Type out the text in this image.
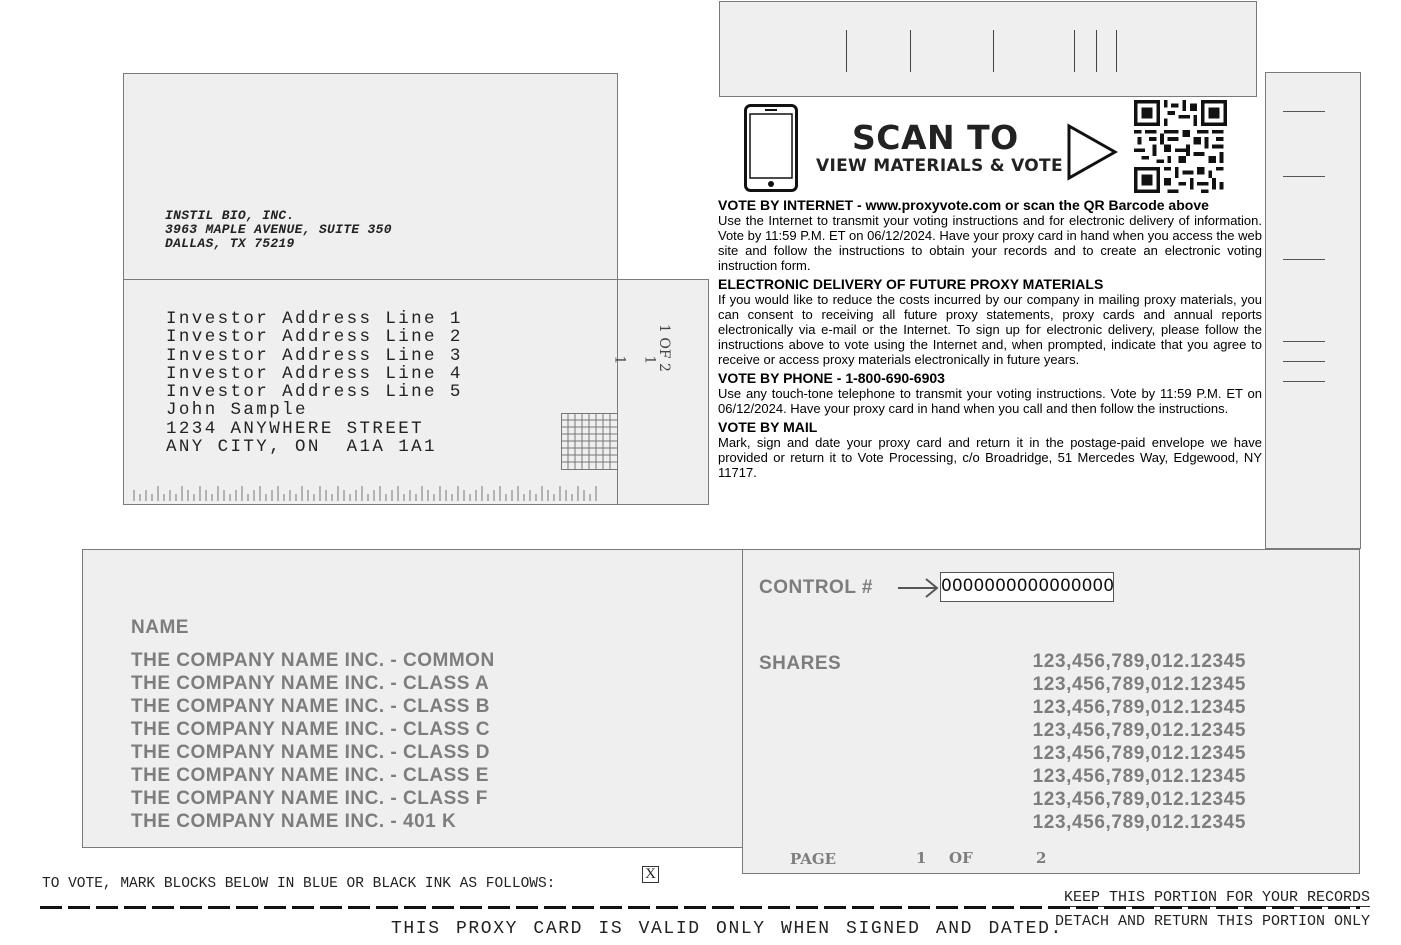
INSTIL BIO, INC.
3963 MAPLE AVENUE, SUITE 350
DALLAS, TX 75219
Investor Address Line 1
Investor Address Line 2
Investor Address Line 3
Investor Address Line 4
Investor Address Line 5
John Sample
1234 ANYWHERE STREET
ANY CITY, ON  A1A 1A1
1 OF 2
1
1
SCAN TO
VIEW MATERIALS & VOTE
VOTE BY INTERNET - www.proxyvote.com or scan the QR Barcode above
Use the Internet to transmit your voting instructions and for electronic delivery of information. Vote by 11:59 P.M. ET on 06/12/2024. Have your proxy card in hand when you access the web site and follow the instructions to obtain your records and to create an electronic voting instruction form.
ELECTRONIC DELIVERY OF FUTURE PROXY MATERIALS
If you would like to reduce the costs incurred by our company in mailing proxy materials, you can consent to receiving all future proxy statements, proxy cards and annual reports electronically via e-mail or the Internet. To sign up for electronic delivery, please follow the instructions above to vote using the Internet and, when prompted, indicate that you agree to receive or access proxy materials electronically in future years.
VOTE BY PHONE - 1-800-690-6903
Use any touch-tone telephone to transmit your voting instructions. Vote by 11:59 P.M. ET on 06/12/2024. Have your proxy card in hand when you call and then follow the instructions.
VOTE BY MAIL
Mark, sign and date your proxy card and return it in the postage-paid envelope we have provided or return it to Vote Processing, c/o Broadridge, 51 Mercedes Way, Edgewood, NY 11717.
NAME
THE COMPANY NAME INC. - COMMON
THE COMPANY NAME INC. - CLASS A
THE COMPANY NAME INC. - CLASS B
THE COMPANY NAME INC. - CLASS C
THE COMPANY NAME INC. - CLASS D
THE COMPANY NAME INC. - CLASS E
THE COMPANY NAME INC. - CLASS F
THE COMPANY NAME INC. - 401 K
CONTROL #
SHARES	123,456,789,012.12345
123,456,789,012.12345
123,456,789,012.12345
123,456,789,012.12345
123,456,789,012.12345
123,456,789,012.12345
123,456,789,012.12345
123,456,789,012.12345
PAGE	1 OF	2
0000000000000000
TO VOTE, MARK BLOCKS BELOW IN BLUE OR BLACK INK AS FOLLOWS:
X
KEEP THIS PORTION FOR YOUR RECORDS
DETACH AND RETURN THIS PORTION ONLY
THIS PROXY CARD IS VALID ONLY WHEN SIGNED AND DATED.
